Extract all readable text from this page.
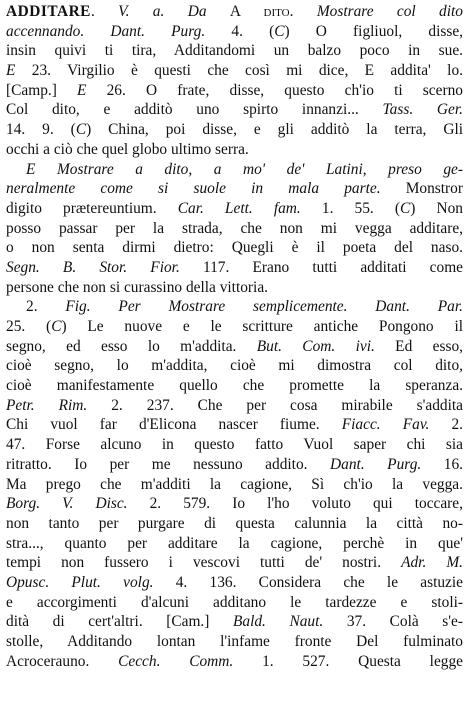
ADDITARE. V. a. Da A dito. Mostrare col dito
accennando. Dant. Purg. 4. (C) O figliuol, disse,
insin quivi ti tira, Additandomi un balzo poco in sue.
E 23. Virgilio è questi che così mi dice, E addita' lo.
[Camp.] E 26. O frate, disse, questo ch'io ti scerno
Col dito, e additò uno spirto innanzi... Tass. Ger.
14. 9. (C) China, poi disse, e gli additò la terra, Gli
occhi a ciò che quel globo ultimo serra.
E Mostrare a dito, a mo' de' Latini, preso ge-
neralmente come si suole in mala parte. Monstror
digito prætereuntium. Car. Lett. fam. 1. 55. (C) Non
posso passar per la strada, che non mi vegga additare,
o non senta dirmi dietro: Quegli è il poeta del naso.
Segn. B. Stor. Fior. 117. Erano tutti additati come
persone che non si curassino della vittoria.
2. Fig. Per Mostrare semplicemente. Dant. Par.
25. (C) Le nuove e le scritture antiche Pongono il
segno, ed esso lo m'addita. But. Com. ivi. Ed esso,
cioè segno, lo m'addita, cioè mi dimostra col dito,
cioè manifestamente quello che promette la speranza.
Petr. Rim. 2. 237. Che per cosa mirabile s'addita
Chi vuol far d'Elicona nascer fiume. Fiacc. Fav. 2.
47. Forse alcuno in questo fatto Vuol saper chi sia
ritratto. Io per me nessuno addito. Dant. Purg. 16.
Ma prego che m'additi la cagione, Sì ch'io la vegga.
Borg. V. Disc. 2. 579. Io l'ho voluto qui toccare,
non tanto per purgare di questa calunnia la città no-
stra..., quanto per additare la cagione, perchè in que'
tempi non fussero i vescovi tutti de' nostri. Adr. M.
Opusc. Plut. volg. 4. 136. Considera che le astuzie
e accorgimenti d'alcuni additano le tardezze e stoli-
dità di cert'altri. [Cam.] Bald. Naut. 37. Colà s'e-
stolle, Additando lontan l'infame fronte Del fulminato
Acroceraunо. Cecch. Comm. 1. 527. Questa legge
